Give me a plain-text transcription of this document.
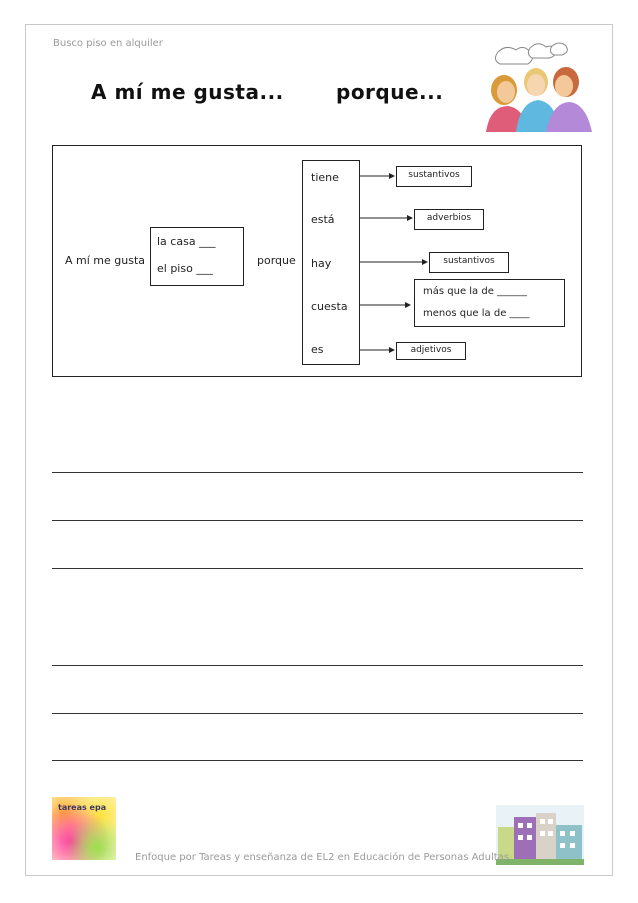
Busco piso en alquiler
A mí me gusta...	porque...
A mí me gusta
la casa ___
el piso ___
porque
tiene
está
hay
cuesta
es
sustantivos
adverbios
sustantivos
más que la de ______
menos que la de ____
adjetivos
tareas epa
Enfoque por Tareas y enseñanza de EL2 en Educación de Personas Adultas
